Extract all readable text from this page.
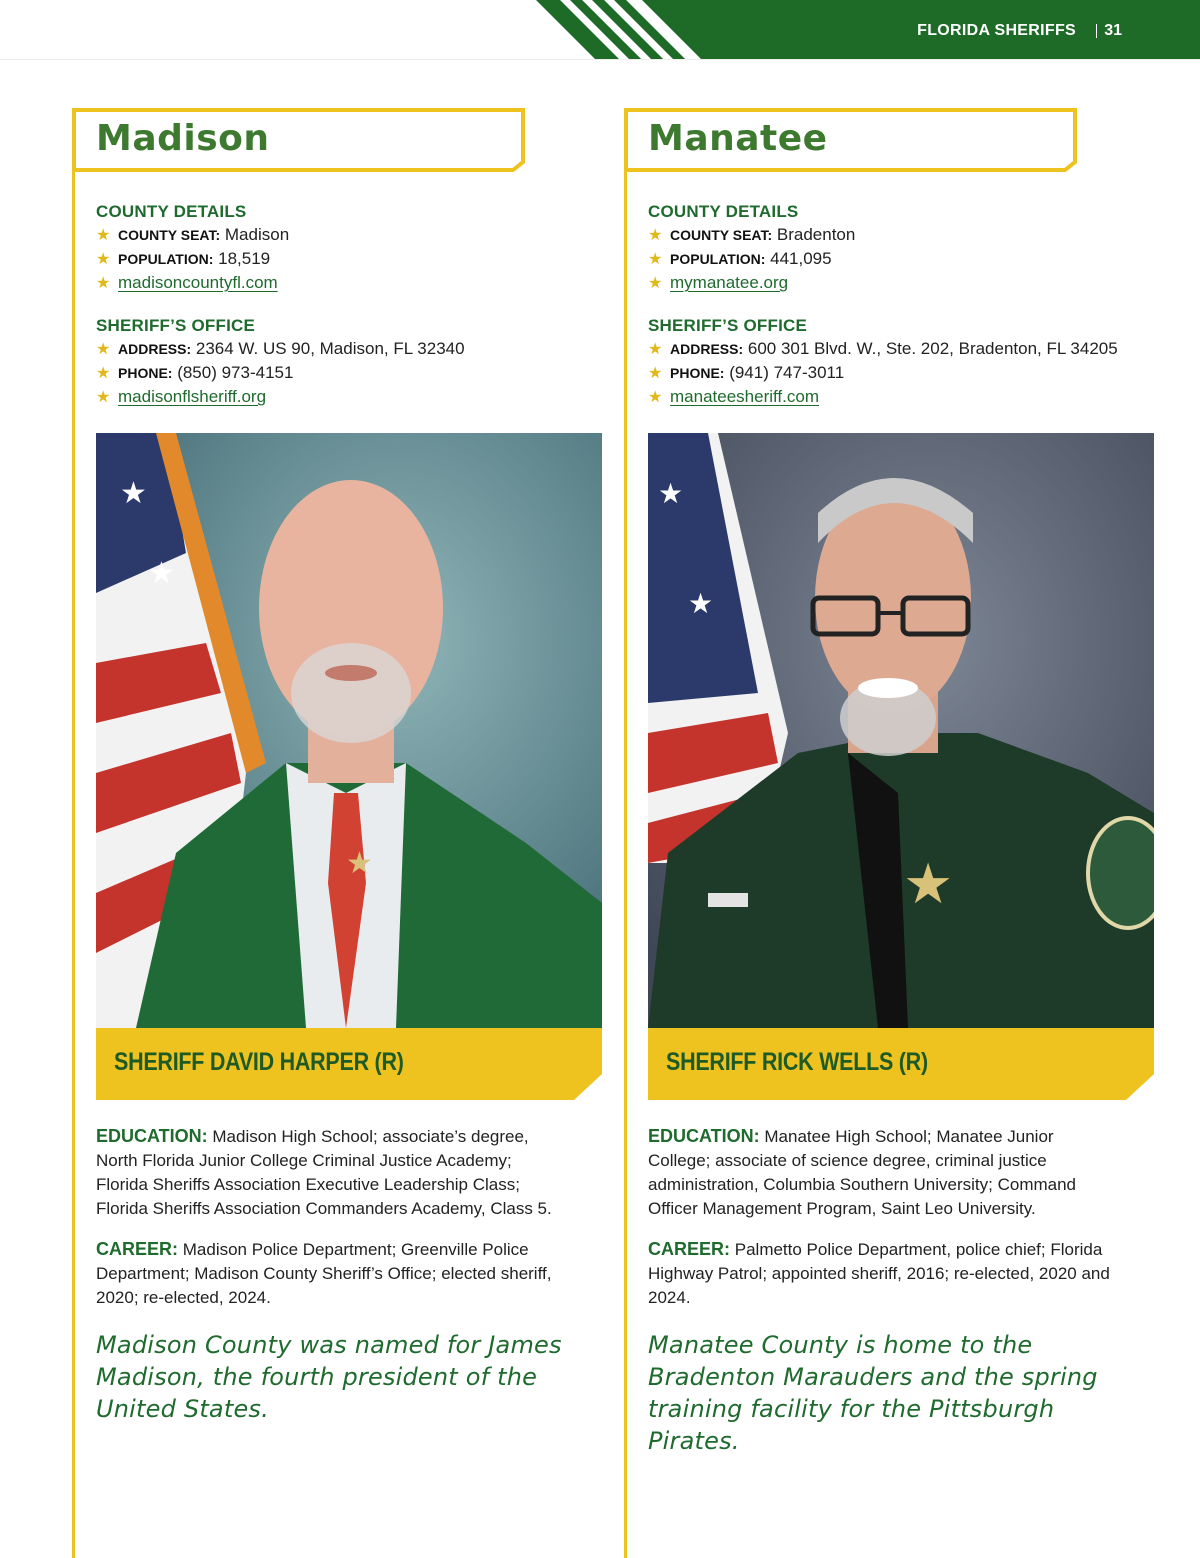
FLORIDA SHERIFFS 31
Madison
COUNTY DETAILS
★ COUNTY SEAT: Madison
★ POPULATION: 18,519
★ madisoncountyfl.com
SHERIFF’S OFFICE
★ ADDRESS: 2364 W. US 90, Madison, FL 32340
★ PHONE: (850) 973-4151
★ madisonflsheriff.org
★
★
★
SHERIFF DAVID HARPER (R)
EDUCATION: Madison High School; associate’s degree, North Florida Junior College Criminal Justice Academy; Florida Sheriffs Association Executive Leadership Class; Florida Sheriffs Association Commanders Academy, Class 5.
CAREER: Madison Police Department; Greenville Police Department; Madison County Sheriff’s Office; elected sheriff, 2020; re-elected, 2024.
Madison County was named for James Madison, the fourth president of the United States.
Manatee
COUNTY DETAILS
★ COUNTY SEAT: Bradenton
★ POPULATION: 441,095
★ mymanatee.org
SHERIFF’S OFFICE
★ ADDRESS: 600 301 Blvd. W., Ste. 202, Bradenton, FL 34205
★ PHONE: (941) 747-3011
★ manateesheriff.com
★
★
★
SHERIFF RICK WELLS (R)
EDUCATION: Manatee High School; Manatee Junior College; associate of science degree, criminal justice administration, Columbia Southern University; Command Officer Management Program, Saint Leo University.
CAREER: Palmetto Police Department, police chief; Florida Highway Patrol; appointed sheriff, 2016; re-elected, 2020 and 2024.
Manatee County is home to the Bradenton Marauders and the spring training facility for the Pittsburgh Pirates.
